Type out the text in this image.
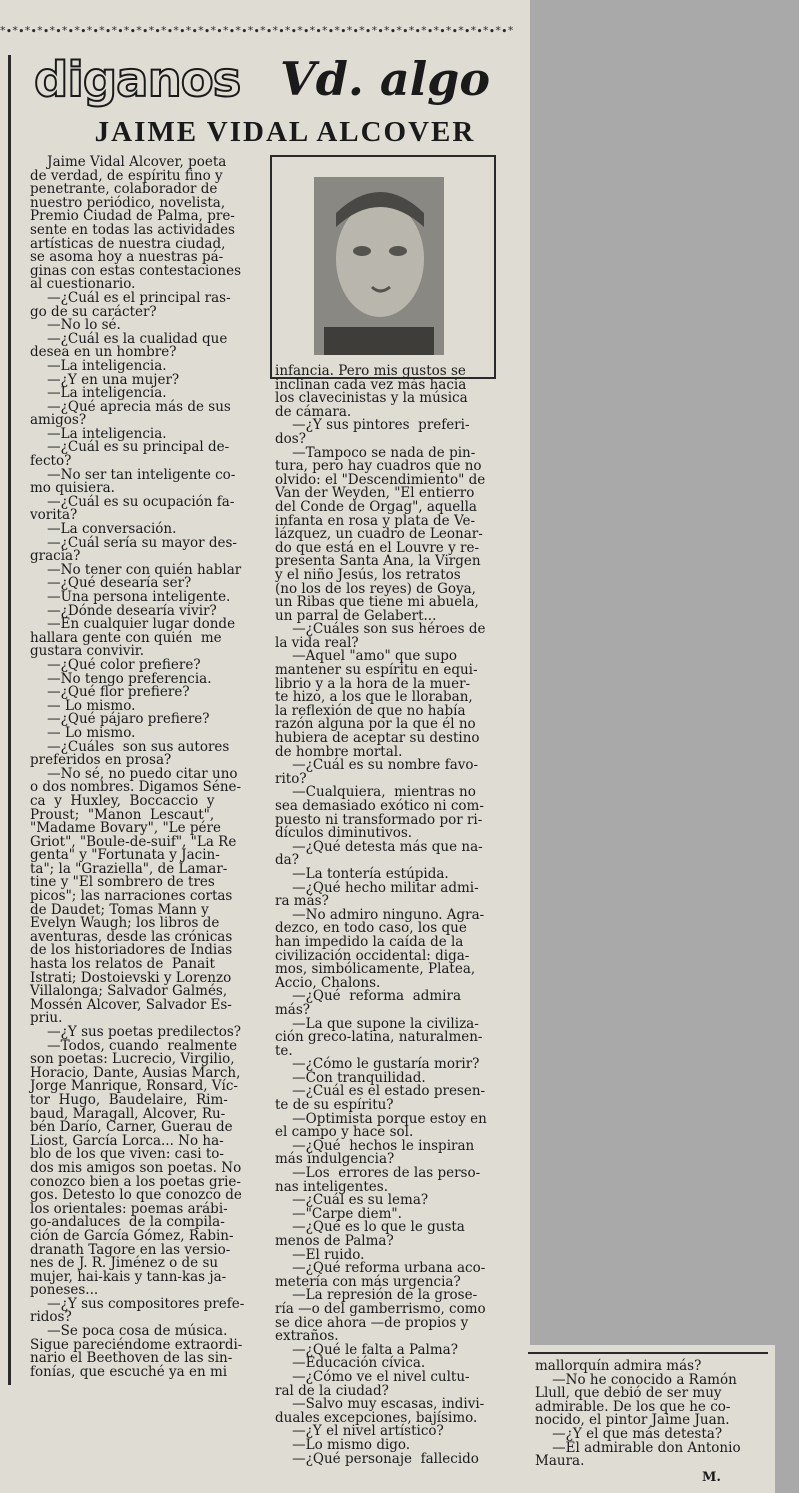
*∙*∙*∙*∙*∙*∙*∙*∙*∙*∙*∙*∙*∙*∙*∙*∙*∙*∙*∙*∙*∙*∙*∙*∙*∙*∙*∙*∙*∙*∙*∙*∙*∙*∙*∙*∙*∙*∙*∙*∙*∙*
diganos Vd. algo
JAIME VIDAL ALCOVER
Jaime Vidal Alcover, poeta
de verdad, de espíritu fino y
penetrante, colaborador de
nuestro periódico, novelista,
Premio Ciudad de Palma, pre-
sente en todas las actividades
artísticas de nuestra ciudad,
se asoma hoy a nuestras pá-
ginas con estas contestaciones
al cuestionario.
—¿Cuál es el principal ras-
go de su carácter?
—No lo sé.
—¿Cuál es la cualidad que
desea en un hombre?
—La inteligencia.
—¿Y en una mujer?
—La inteligencia.
—¿Qué aprecia más de sus
amigos?
—La inteligencia.
—¿Cuál es su principal de-
fecto?
—No ser tan inteligente co-
mo quisiera.
—¿Cuál es su ocupación fa-
vorita?
—La conversación.
—¿Cuál sería su mayor des-
gracia?
—No tener con quién hablar
—¿Qué desearía ser?
—Una persona inteligente.
—¿Dónde desearía vivir?
—En cualquier lugar donde
hallara gente con quién  me
gustara convivir.
—¿Qué color prefiere?
—No tengo preferencia.
—¿Qué flor prefiere?
— Lo mismo.
—¿Qué pájaro prefiere?
— Lo mismo.
—¿Cuáles  son sus autores
preferidos en prosa?
—No sé, no puedo citar uno
o dos nombres. Digamos Séne-
ca  y  Huxley,  Boccaccio  y
Proust;  "Manon  Lescaut",
"Madame Bovary", "Le pére
Griot", "Boule-de-suif", "La Re
genta" y "Fortunata y Jacin-
ta"; la "Graziella", de Lamar-
tine y "El sombrero de tres
picos"; las narraciones cortas
de Daudet; Tomas Mann y
Evelyn Waugh; los libros de
aventuras, desde las crónicas
de los historiadores de Indias
hasta los relatos de  Panait
Istrati; Dostoievski y Lorenzo
Villalonga; Salvador Galmés,
Mossén Alcover, Salvador Es-
priu.
—¿Y sus poetas predilectos?
—Todos, cuando  realmente
son poetas: Lucrecio, Virgilio,
Horacio, Dante, Ausias March,
Jorge Manrique, Ronsard, Víc-
tor  Hugo,  Baudelaire,  Rim-
baud, Maragall, Alcover, Ru-
bén Darío, Carner, Guerau de
Liost, García Lorca... No ha-
blo de los que viven: casi to-
dos mis amigos son poetas. No
conozco bien a los poetas grie-
gos. Detesto lo que conozco de
los orientales: poemas arábi-
go-andaluces  de la compila-
ción de García Gómez, Rabin-
dranath Tagore en las versio-
nes de J. R. Jiménez o de su
mujer, hai-kais y tann-kas ja-
poneses...
—¿Y sus compositores prefe-
ridos?
—Se poca cosa de música.
Sigue pareciéndome extraordi-
nario el Beethoven de las sin-
fonías, que escuché ya en mi
infancia. Pero mis gustos se
inclinan cada vez más hacia
los clavecinistas y la música
de cámara.
—¿Y sus pintores  preferi-
dos?
—Tampoco se nada de pin-
tura, pero hay cuadros que no
olvido: el "Descendimiento" de
Van der Weyden, "El entierro
del Conde de Orgag", aquella
infanta en rosa y plata de Ve-
lázquez, un cuadro de Leonar-
do que está en el Louvre y re-
presenta Santa Ana, la Virgen
y el niño Jesús, los retratos
(no los de los reyes) de Goya,
un Ribas que tiene mi abuela,
un parral de Gelabert...
—¿Cuáles son sus héroes de
la vida real?
—Aquel "amo" que supo
mantener su espíritu en equi-
librio y a la hora de la muer-
te hizo, a los que le lloraban,
la reflexión de que no había
razón alguna por la que él no
hubiera de aceptar su destino
de hombre mortal.
—¿Cuál es su nombre favo-
rito?
—Cualquiera,  mientras no
sea demasiado exótico ni com-
puesto ni transformado por ri-
dículos diminutivos.
—¿Qué detesta más que na-
da?
—La tontería estúpida.
—¿Qué hecho militar admi-
ra más?
—No admiro ninguno. Agra-
dezco, en todo caso, los que
han impedido la caída de la
civilización occidental: diga-
mos, simbólicamente, Platea,
Accio, Chalons.
—¿Qué  reforma  admira
más?
—La que supone la civiliza-
ción greco-latina, naturalmen-
te.
—¿Cómo le gustaría morir?
—Con tranquilidad.
—¿Cuál es el estado presen-
te de su espíritu?
—Optimista porque estoy en
el campo y hace sol.
—¿Qué  hechos le inspiran
más indulgencia?
—Los  errores de las perso-
nas inteligentes.
—¿Cuál es su lema?
—"Carpe diem".
—¿Qué es lo que le gusta
menos de Palma?
—El ruido.
—¿Qué reforma urbana aco-
metería con más urgencia?
—La represión de la grose-
ría —o del gamberrismo, como
se dice ahora —de propios y
extraños.
—¿Qué le falta a Palma?
—Educación cívica.
—¿Cómo ve el nivel cultu-
ral de la ciudad?
—Salvo muy escasas, indivi-
duales excepciones, bajísimo.
—¿Y el nivel artístico?
—Lo mismo digo.
—¿Qué personaje  fallecido
mallorquín admira más?
—No he conocido a Ramón
Llull, que debió de ser muy
admirable. De los que he co-
nocido, el pintor Jaime Juan.
—¿Y el que más detesta?
—El admirable don Antonio
Maura.
M.
